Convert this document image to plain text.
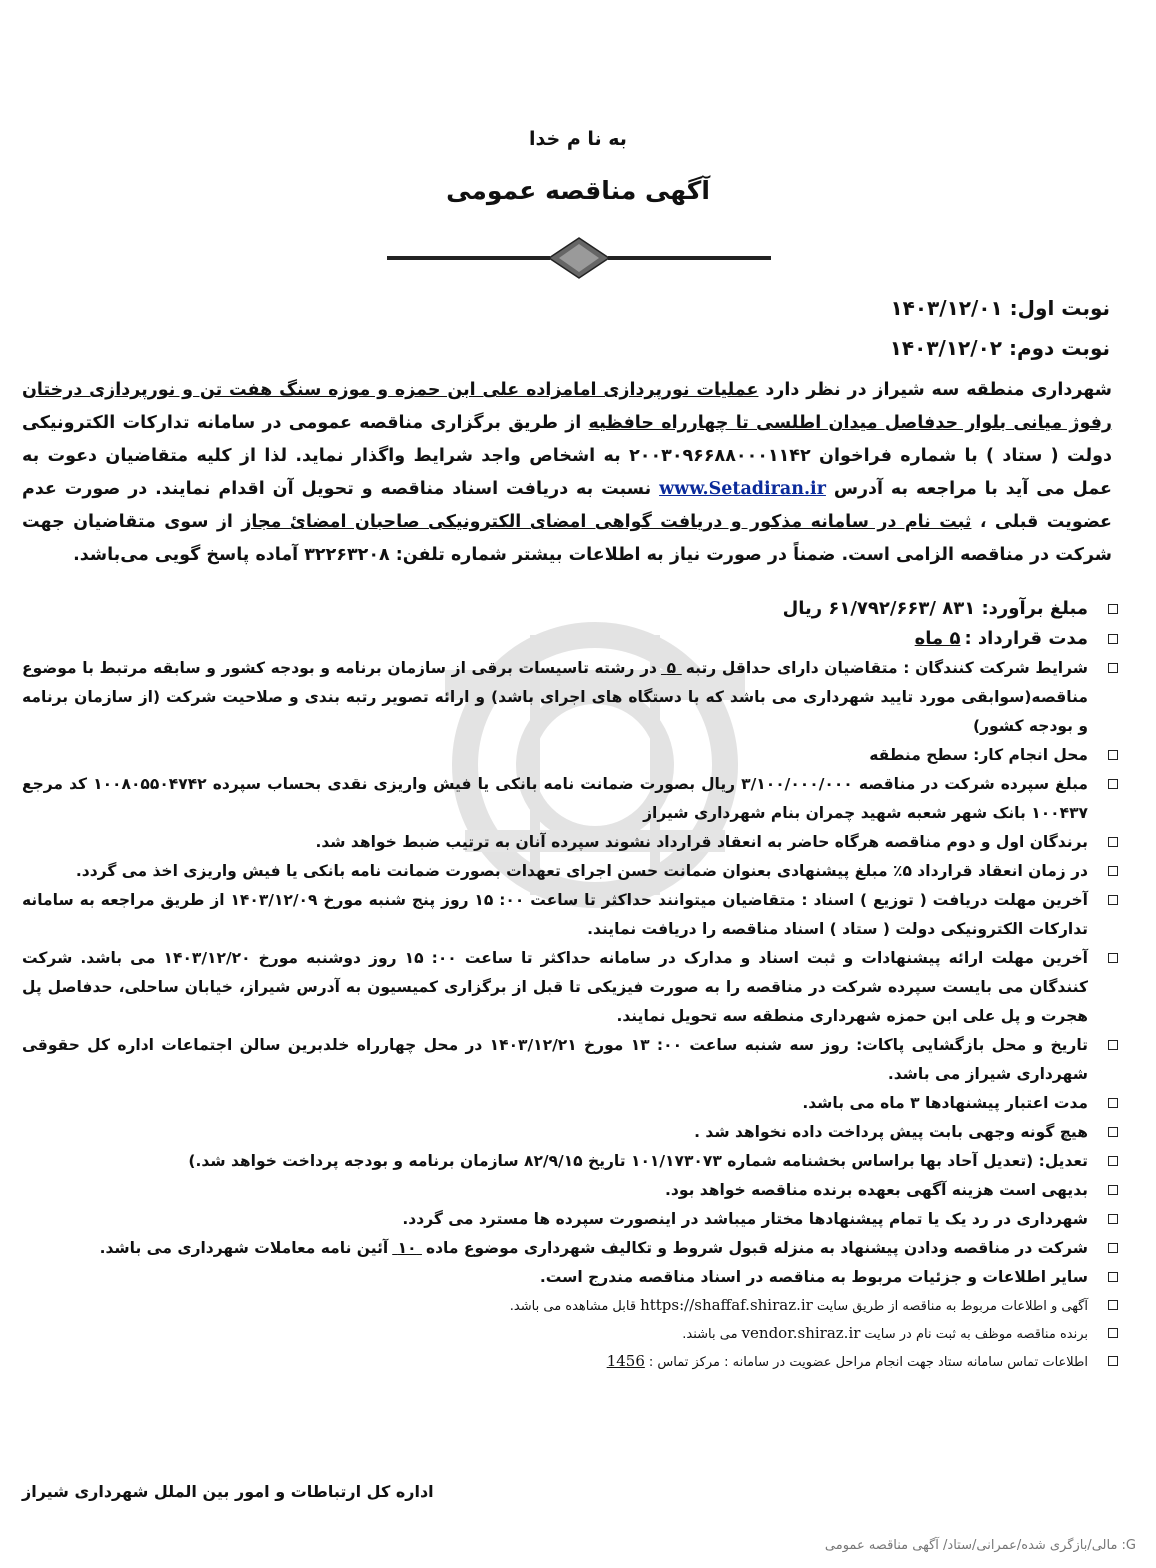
به نا م خدا
آگهی مناقصه عمومی
نوبت اول: ۱۴۰۳/۱۲/۰۱
نوبت دوم: ۱۴۰۳/۱۲/۰۲
شهرداری منطقه سه شیراز در نظر دارد عملیات نورپردازی امامزاده علی ابن حمزه و موزه سنگ هفت تن و نورپردازی درختان رفوژ میانی بلوار حدفاصل میدان اطلسی تا چهارراه حافظیه از طریق برگزاری مناقصه عمومی در سامانه تدارکات الکترونیکی دولت ( ستاد ) با شماره فراخوان ۲۰۰۳۰۹۶۶۸۸۰۰۰۱۱۴۲ به اشخاص واجد شرایط واگذار نماید. لذا از کلیه متقاضیان دعوت به عمل می آید با مراجعه به آدرس www.Setadiran.ir نسبت به دریافت اسناد مناقصه و تحویل آن اقدام نمایند. در صورت عدم عضویت قبلی ، ثبت نام در سامانه مذکور و دریافت گواهی امضای الکترونیکی صاحبان امضائ مجاز از سوی متقاضیان جهت شرکت در مناقصه الزامی است. ضمناً در صورت نیاز به اطلاعات بیشتر شماره تلفن: ۳۲۲۶۳۲۰۸ آماده پاسخ گویی می‌باشد.
مبلغ برآورد: ۸۳۱ /۶۱/۷۹۲/۶۶۳ ریال
مدت قرارداد :۵ ماه
شرایط شرکت کنندگان : متقاضیان دارای حداقل رتبه ۵ در رشته تاسیسات برقی از سازمان برنامه و بودجه کشور و سابقه مرتبط با موضوع مناقصه(سوابقی مورد تایید شهرداری می باشد که با دستگاه های اجرای باشد) و ارائه تصویر رتبه بندی و صلاحیت شرکت (از سازمان برنامه و بودجه کشور)
محل انجام کار: سطح منطقه
مبلغ سپرده شرکت در مناقصه ۳/۱۰۰/۰۰۰/۰۰۰ ریال بصورت ضمانت نامه بانکی یا فیش واریزی نقدی بحساب سپرده ۱۰۰۸۰۵۵۰۴۷۴۲ کد مرجع ۱۰۰۴۳۷ بانک شهر شعبه شهید چمران بنام شهرداری شیراز
برندگان اول و دوم مناقصه هرگاه حاضر به انعقاد قرارداد نشوند سپرده آنان به ترتیب ضبط خواهد شد.
در زمان انعقاد قرارداد ۵٪ مبلغ پیشنهادی بعنوان ضمانت حسن اجرای تعهدات بصورت ضمانت نامه بانکی یا فیش واریزی اخذ می گردد.
آخرین مهلت دریافت ( توزیع ) اسناد : متقاضیان میتوانند حداکثر تا ساعت ۰۰: ۱۵ روز پنج شنبه مورخ ۱۴۰۳/۱۲/۰۹ از طریق مراجعه به سامانه تدارکات الکترونیکی دولت ( ستاد ) اسناد مناقصه را دریافت نمایند.
آخرین مهلت ارائه پیشنهادات و ثبت اسناد و مدارک در سامانه حداکثر تا ساعت ۰۰: ۱۵ روز دوشنبه مورخ ۱۴۰۳/۱۲/۲۰ می باشد. شرکت کنندگان می بایست سپرده شرکت در مناقصه را به صورت فیزیکی تا قبل از برگزاری کمیسیون به آدرس شیراز، خیابان ساحلی، حدفاصل پل هجرت و پل علی ابن حمزه شهرداری منطقه سه تحویل نمایند.
تاریخ و محل بازگشایی پاکات: روز سه شنبه ساعت ۰۰: ۱۳ مورخ ۱۴۰۳/۱۲/۲۱ در محل چهارراه خلدبرین سالن اجتماعات اداره کل حقوقی شهرداری شیراز می باشد.
مدت اعتبار پیشنهادها ۳ ماه می باشد.
هیچ گونه وجهی بابت پیش پرداخت داده نخواهد شد .
تعدیل: (تعدیل آحاد بها براساس بخشنامه شماره ۱۰۱/۱۷۳۰۷۳ تاریخ ۸۲/۹/۱۵ سازمان برنامه و بودجه پرداخت خواهد شد.)
بدیهی است هزینه آگهی بعهده برنده مناقصه خواهد بود.
شهرداری در رد یک یا تمام پیشنهادها مختار میباشد در اینصورت سپرده ها مسترد می گردد.
شرکت در مناقصه ودادن پیشنهاد به منزله قبول شروط و تکالیف شهرداری موضوع ماده ۱۰ آئین نامه معاملات شهرداری می باشد.
سایر اطلاعات و جزئیات مربوط به مناقصه در اسناد مناقصه مندرج است.
آگهی و اطلاعات مربوط به مناقصه از طریق سایتhttps://shaffaf.shiraz.irقابل مشاهده می باشد.
برنده مناقصه موظف به ثبت نام در سایتvendor.shiraz.irمی باشند.
اطلاعات تماس سامانه ستاد جهت انجام مراحل عضویت در سامانه : مرکز تماس :1456
اداره کل ارتباطات و امور بین الملل شهرداری شیراز
G: مالی/بازگری شده/عمرانی/ستاد/ آگهی مناقصه عمومی
